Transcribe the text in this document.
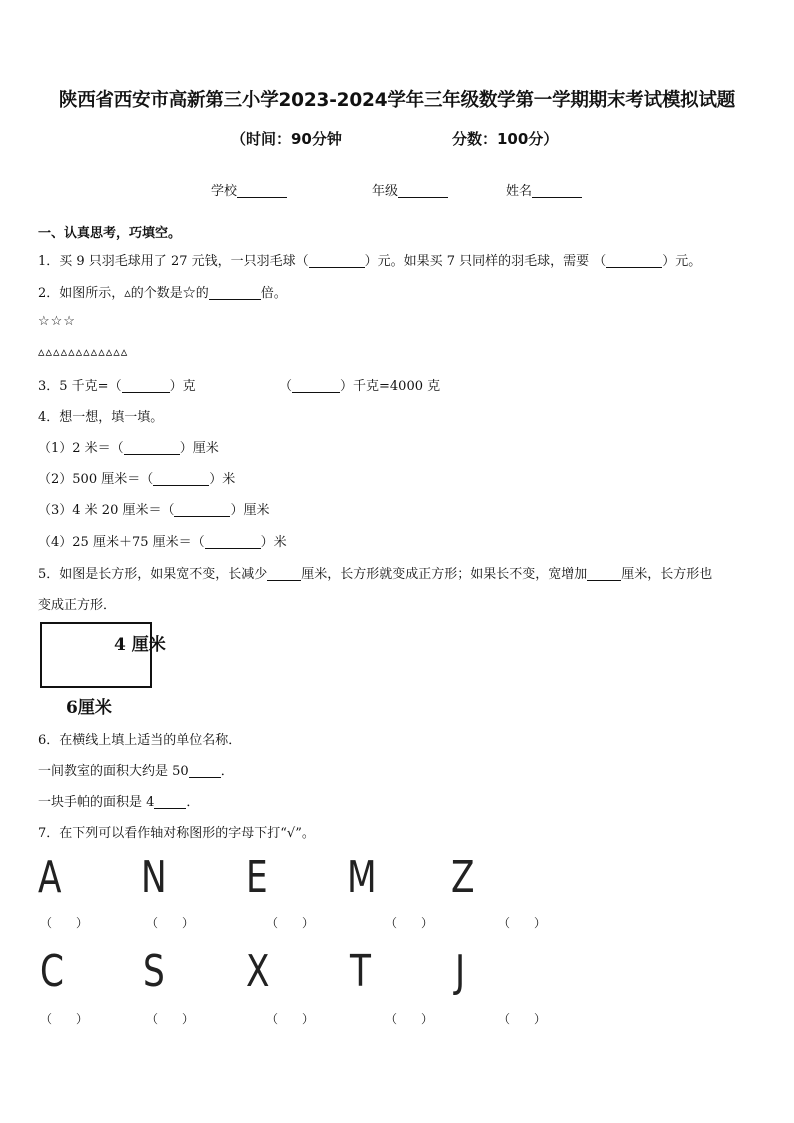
陕西省西安市高新第三小学2023-2024学年三年级数学第一学期期末考试模拟试题
（时间：90分钟	分数：100分）
学校	年级	姓名
一、认真思考，巧填空。
1．买 9 只羽毛球用了 27 元钱，一只羽毛球（	）元。如果买 7 只同样的羽毛球，需要 （	）元。
2．如图所示，▵的个数是☆的	倍。
☆☆☆
▵▵▵▵▵▵▵▵▵▵▵▵
3．5 千克=（	）克	（	）千克=4000 克
4．想一想，填一填。
（1）2 米＝（	）厘米
（2）500 厘米＝（	）米
（3）4 米 20 厘米＝（	）厘米
（4）25 厘米＋75 厘米＝（	）米
5．如图是长方形，如果宽不变，长减少	厘米，长方形就变成正方形；如果长不变，宽增加	厘米，长方形也
变成正方形．
4 厘米
6厘米
6．在横线上填上适当的单位名称．
一间教室的面积大约是 50 ．
一块手帕的面积是 4 ．
7．在下列可以看作轴对称图形的字母下打“√”。
A N E M Z
（　　）	（　　）	（　　）	（　　）	（　　）
C S X T J
（　　）	（　　）	（　　）	（　　）	（　　）
